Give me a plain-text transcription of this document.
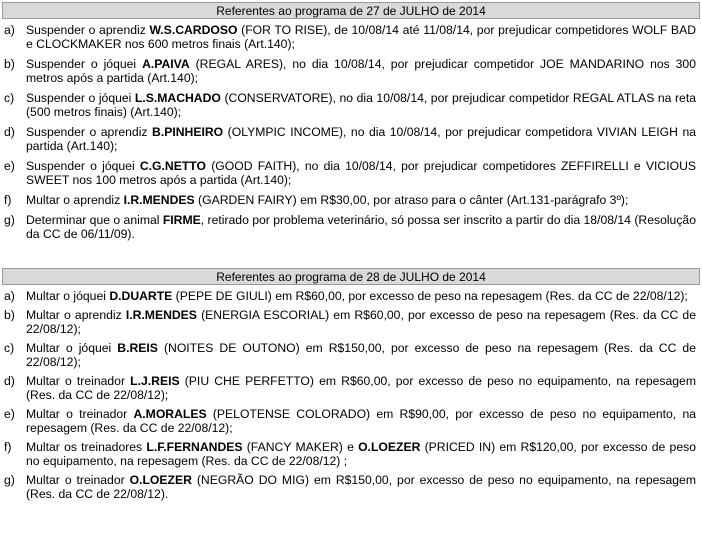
Referentes ao programa de 27 de JULHO de 2014
a) Suspender o aprendiz W.S.CARDOSO (FOR TO RISE), de 10/08/14 até 11/08/14, por prejudicar competidores WOLF BAD e CLOCKMAKER nos 600 metros finais (Art.140);
b) Suspender o jóquei A.PAIVA (REGAL ARES), no dia 10/08/14, por prejudicar competidor JOE MANDARINO nos 300 metros após a partida (Art.140);
c) Suspender o jóquei L.S.MACHADO (CONSERVATORE), no dia 10/08/14, por prejudicar competidor REGAL ATLAS na reta (500 metros finais) (Art.140);
d) Suspender o aprendiz B.PINHEIRO (OLYMPIC INCOME), no dia 10/08/14, por prejudicar competidora VIVIAN LEIGH na partida (Art.140);
e) Suspender o jóquei C.G.NETTO (GOOD FAITH), no dia 10/08/14, por prejudicar competidores ZEFFIRELLI e VICIOUS SWEET nos 100 metros após a partida (Art.140);
f)	Multar o aprendiz I.R.MENDES (GARDEN FAIRY) em R$30,00, por atraso para o cânter (Art.131-parágrafo 3º);
g) Determinar que o animal FIRME, retirado por problema veterinário, só possa ser inscrito a partir do dia 18/08/14 (Resolução da CC de 06/11/09).
Referentes ao programa de 28 de JULHO de 2014
a) Multar o jóquei D.DUARTE (PEPE DE GIULI) em R$60,00, por excesso de peso na repesagem (Res. da CC de 22/08/12);
b) Multar o aprendiz I.R.MENDES (ENERGIA ESCORIAL) em R$60,00, por excesso de peso na repesagem (Res. da CC de 22/08/12);
c) Multar o jóquei B.REIS (NOITES DE OUTONO) em R$150,00, por excesso de peso na repesagem (Res. da CC de 22/08/12);
d) Multar o treinador L.J.REIS (PIU CHE PERFETTO) em R$60,00, por excesso de peso no equipamento, na repesagem (Res. da CC de 22/08/12);
e) Multar o treinador A.MORALES (PELOTENSE COLORADO) em R$90,00, por excesso de peso no equipamento, na repesagem (Res. da CC de 22/08/12);
f)	Multar os treinadores L.F.FERNANDES (FANCY MAKER) e O.LOEZER (PRICED IN) em R$120,00, por excesso de peso no equipamento, na repesagem (Res. da CC de 22/08/12) ;
g) Multar o treinador O.LOEZER (NEGRÃO DO MIG) em R$150,00, por excesso de peso no equipamento, na repesagem (Res. da CC de 22/08/12).
